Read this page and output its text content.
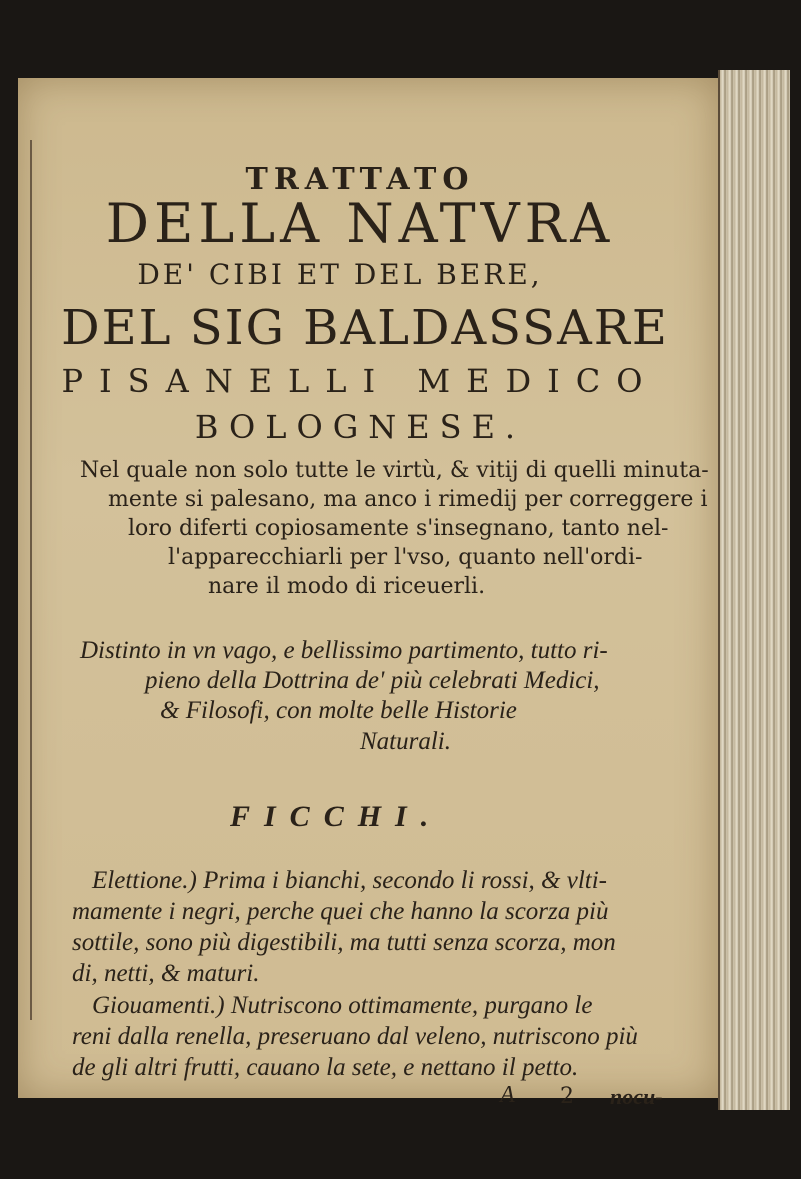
TRATTATO
DELLA NATVRA
DE' CIBI ET DEL BERE,
DEL SIG BALDASSARE
PISANELLI MEDICO
BOLOGNESE.
Nel quale non solo tutte le virtù, & vitij di quelli minuta-
mente si palesano, ma anco i rimedij per correggere i
loro diferti copiosamente s'insegnano, tanto nel-
l'apparecchiarli per l'vso, quanto nell'ordi-
nare il modo di riceuerli.
Distinto in vn vago, e bellissimo partimento, tutto ri-
pieno della Dottrina de' più celebrati Medici,
& Filosofi, con molte belle Historie
Naturali.
FICCHI.
Elettione.) Prima i bianchi, secondo li rossi, & vlti-
mamente i negri, perche quei che hanno la scorza più
sottile, sono più digestibili, ma tutti senza scorza, mon
di, netti, & maturi.
Giouamenti.) Nutriscono ottimamente, purgano le
reni dalla renella, preseruano dal veleno, nutriscono più
de gli altri frutti, cauano la sete, e nettano il petto.
A 2 nocu-
